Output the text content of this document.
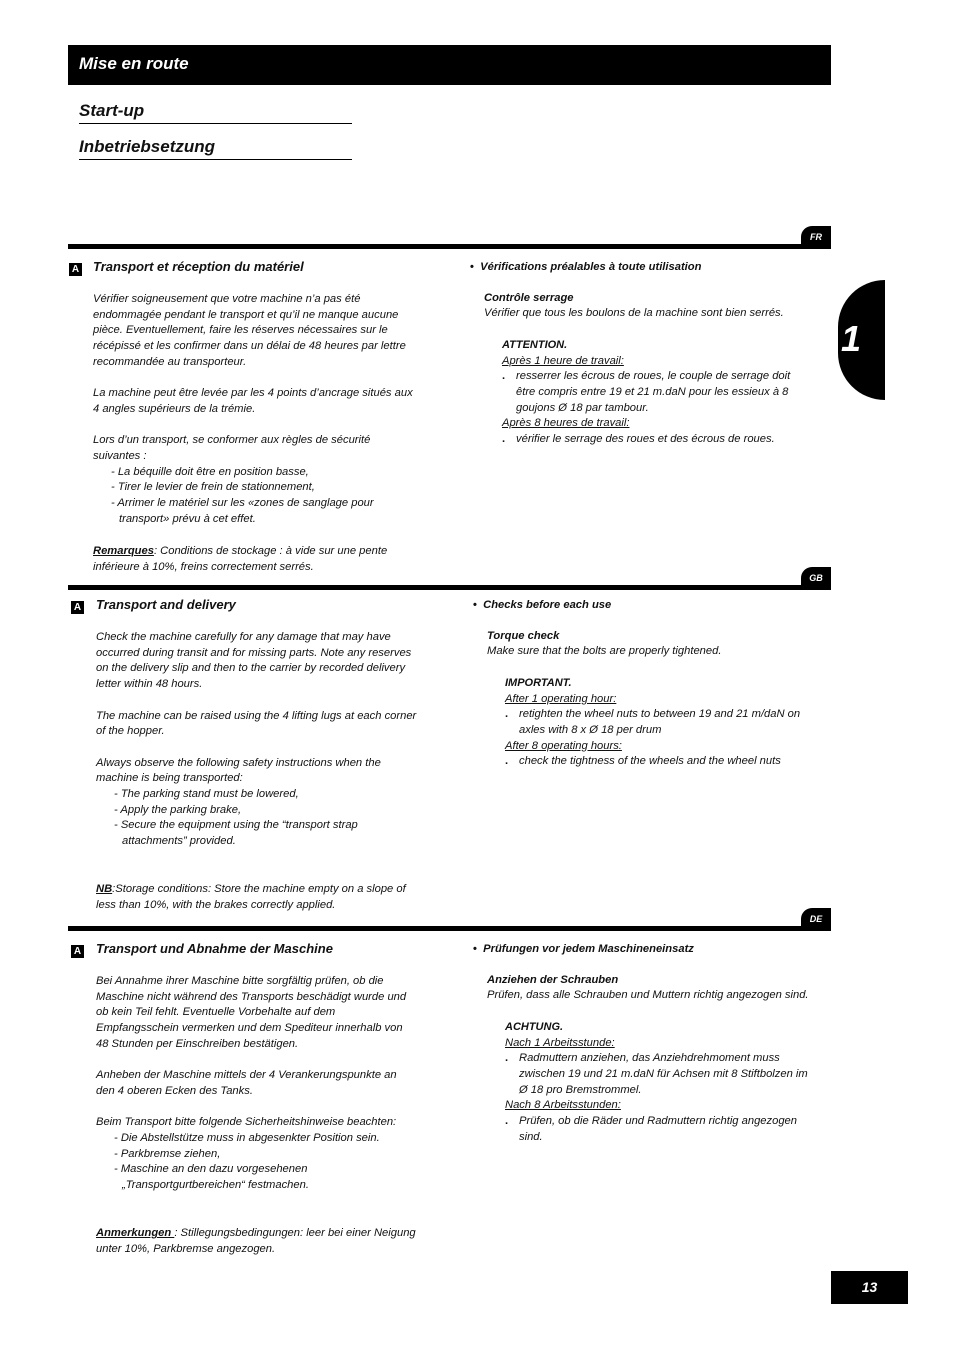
Mise en route
Start-up
Inbetriebsetzung
1
FR
A Transport et réception du matériel

Vérifier soigneusement que votre machine n’a pas été endommagée pendant le transport et qu’il ne manque aucune pièce. Eventuellement, faire les réserves nécessaires sur le récépissé et les confirmer dans un délai de 48 heures par lettre recommandée au transporteur.

La machine peut être levée par les 4 points d’ancrage situés aux 4 angles supérieurs de la trémie.

Lors d’un transport, se conformer aux règles de sécurité suivantes :

- La béquille doit être en position basse,

- Tirer le levier de frein de stationnement,

- Arrimer le matériel sur les «zones de sanglage pour transport» prévu à cet effet.

Remarques: Conditions de stockage : à vide sur une pente inférieure à 10%, freins correctement serrés.

• Vérifications préalables à toute utilisation

Contrôle serrage

Vérifier que tous les boulons de la machine sont bien serrés.

ATTENTION.

Après 1 heure de travail:

. resserrer les écrous de roues, le couple de serrage doit être compris entre 19 et 21 m.daN pour les essieux à 8 goujons Ø 18 par tambour.

Après 8 heures de travail:

. vérifier le serrage des roues et des écrous de roues.

GB
A Transport and delivery

Check the machine carefully for any damage that may have occurred during transit and for missing parts. Note any reserves on the delivery slip and then to the carrier by recorded delivery letter within 48 hours.

The machine can be raised using the 4 lifting lugs at each corner of the hopper.

Always observe the following safety instructions when the machine is being transported:

- The parking stand must be lowered,

- Apply the parking brake,

- Secure the equipment using the “transport strap attachments” provided.

NB:Storage conditions: Store the machine empty on a slope of less than 10%, with the brakes correctly applied.

• Checks before each use

Torque check

Make sure that the bolts are properly tightened.

IMPORTANT.

After 1 operating hour:

. retighten the wheel nuts to between 19 and 21 m/daN on axles with 8 x Ø 18 per drum

After 8 operating hours:

. check the tightness of the wheels and the wheel nuts

DE
A Transport und Abnahme der Maschine

Bei Annahme ihrer Maschine bitte sorgfältig prüfen, ob die Maschine nicht während des Transports beschädigt wurde und ob kein Teil fehlt. Eventuelle Vorbehalte auf dem Empfangsschein vermerken und dem Spediteur innerhalb von 48 Stunden per Einschreiben bestätigen.

Anheben der Maschine mittels der 4 Verankerungspunkte an den 4 oberen Ecken des Tanks.

Beim Transport bitte folgende Sicherheitshinweise beachten:

- Die Abstellstütze muss in abgesenkter Position sein.

- Parkbremse ziehen,

- Maschine an den dazu vorgesehenen „Transportgurtbereichen“ festmachen.

Anmerkungen : Stillegungsbedingungen: leer bei einer Neigung unter 10%, Parkbremse angezogen.

• Prüfungen vor jedem Maschineneinsatz

Anziehen der Schrauben

Prüfen, dass alle Schrauben und Muttern richtig angezogen sind.

ACHTUNG.

Nach 1 Arbeitsstunde:

. Radmuttern anziehen, das Anziehdrehmoment muss zwischen 19 und 21 m.daN für Achsen mit 8 Stiftbolzen im Ø 18 pro Bremstrommel.

Nach 8 Arbeitsstunden:

. Prüfen, ob die Räder und Radmuttern richtig angezogen sind.

13
